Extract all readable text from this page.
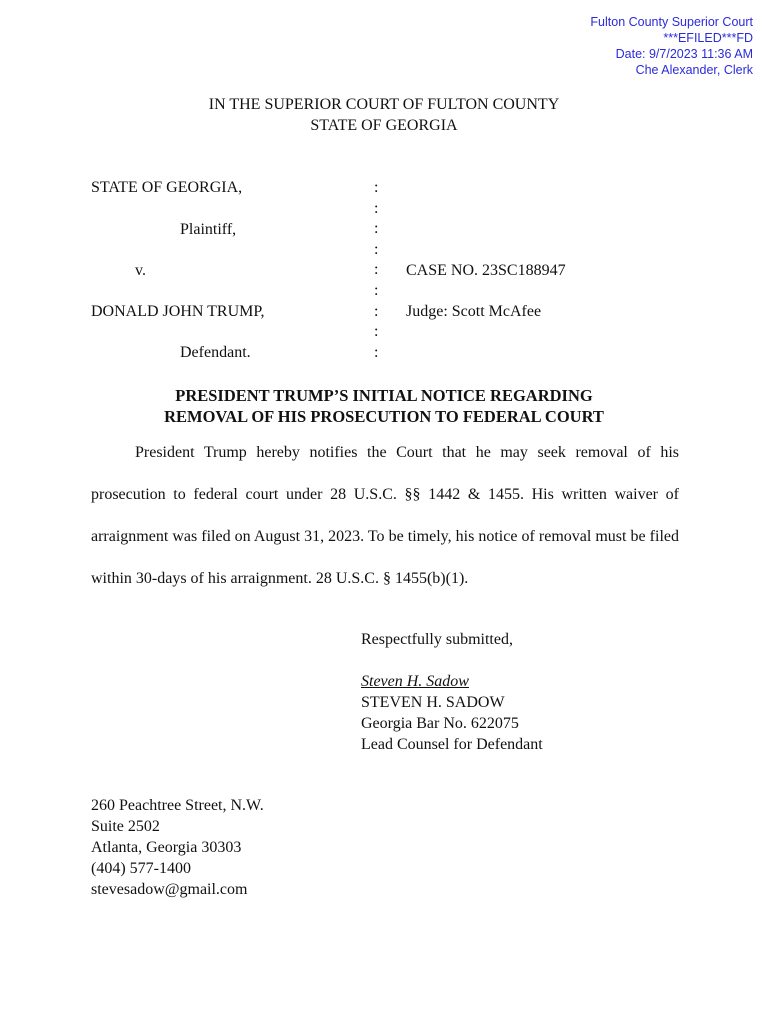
Fulton County Superior Court
***EFILED***FD
Date: 9/7/2023 11:36 AM
Che Alexander, Clerk
IN THE SUPERIOR COURT OF FULTON COUNTY
STATE OF GEORGIA
STATE OF GEORGIA,
Plaintiff,
v.	CASE NO. 23SC188947
DONALD JOHN TRUMP,	Judge: Scott McAfee
Defendant.
:
:
:
:
:
:
:
:
:
PRESIDENT TRUMP’S INITIAL NOTICE REGARDING
REMOVAL OF HIS PROSECUTION TO FEDERAL COURT

President Trump hereby notifies the Court that he may seek removal of his prosecution to federal court under 28 U.S.C. §§ 1442 & 1455. His written waiver of arraignment was filed on August 31, 2023. To be timely, his notice of removal must be filed within 30-days of his arraignment. 28 U.S.C. § 1455(b)(1).

Respectfully submitted,
Steven H. Sadow
STEVEN H. SADOW
Georgia Bar No. 622075
Lead Counsel for Defendant
260 Peachtree Street, N.W.
Suite 2502
Atlanta, Georgia 30303
(404) 577-1400
stevesadow@gmail.com
